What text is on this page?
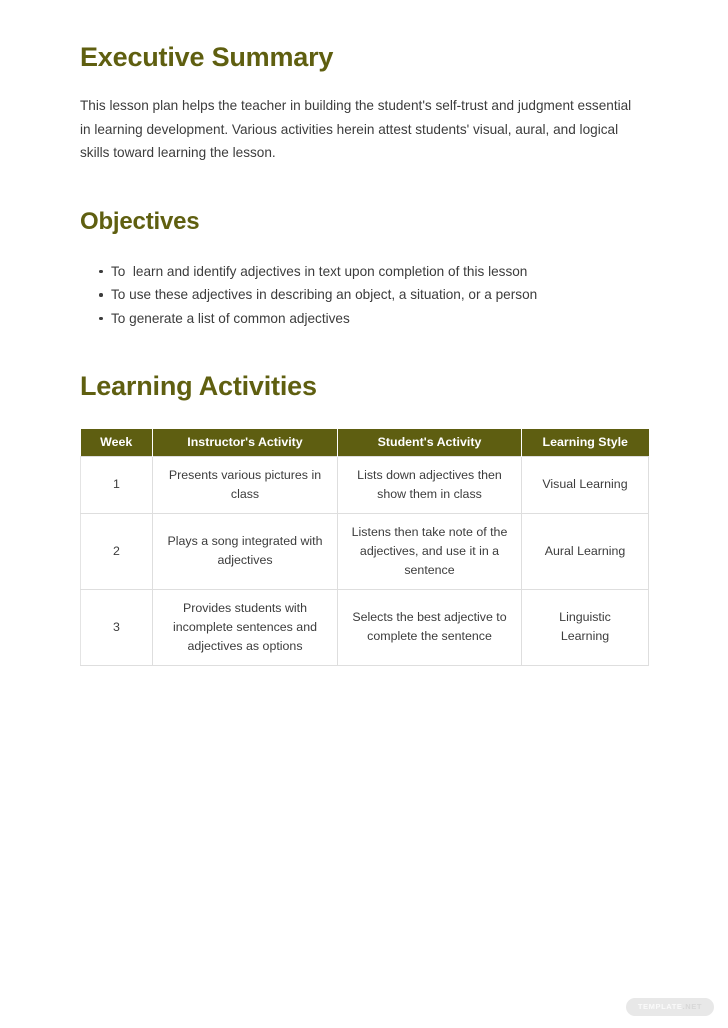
Executive Summary

This lesson plan helps the teacher in building the student's self-trust and judgment essential in learning development. Various activities herein attest students' visual, aural, and logical skills toward learning the lesson.

Objectives
To  learn and identify adjectives in text upon completion of this lesson
To use these adjectives in describing an object, a situation, or a person
To generate a list of common adjectives
Learning Activities
Week	Instructor's Activity	Student's Activity	Learning Style
1	Presents various pictures in class	Lists down adjectives then show them in class	Visual Learning
2	Plays a song integrated with adjectives	Listens then take note of the adjectives, and use it in a sentence	Aural Learning
3	Provides students with incomplete sentences and adjectives as options	Selects the best adjective to complete the sentence	Linguistic Learning
TEMPLATE.NET
